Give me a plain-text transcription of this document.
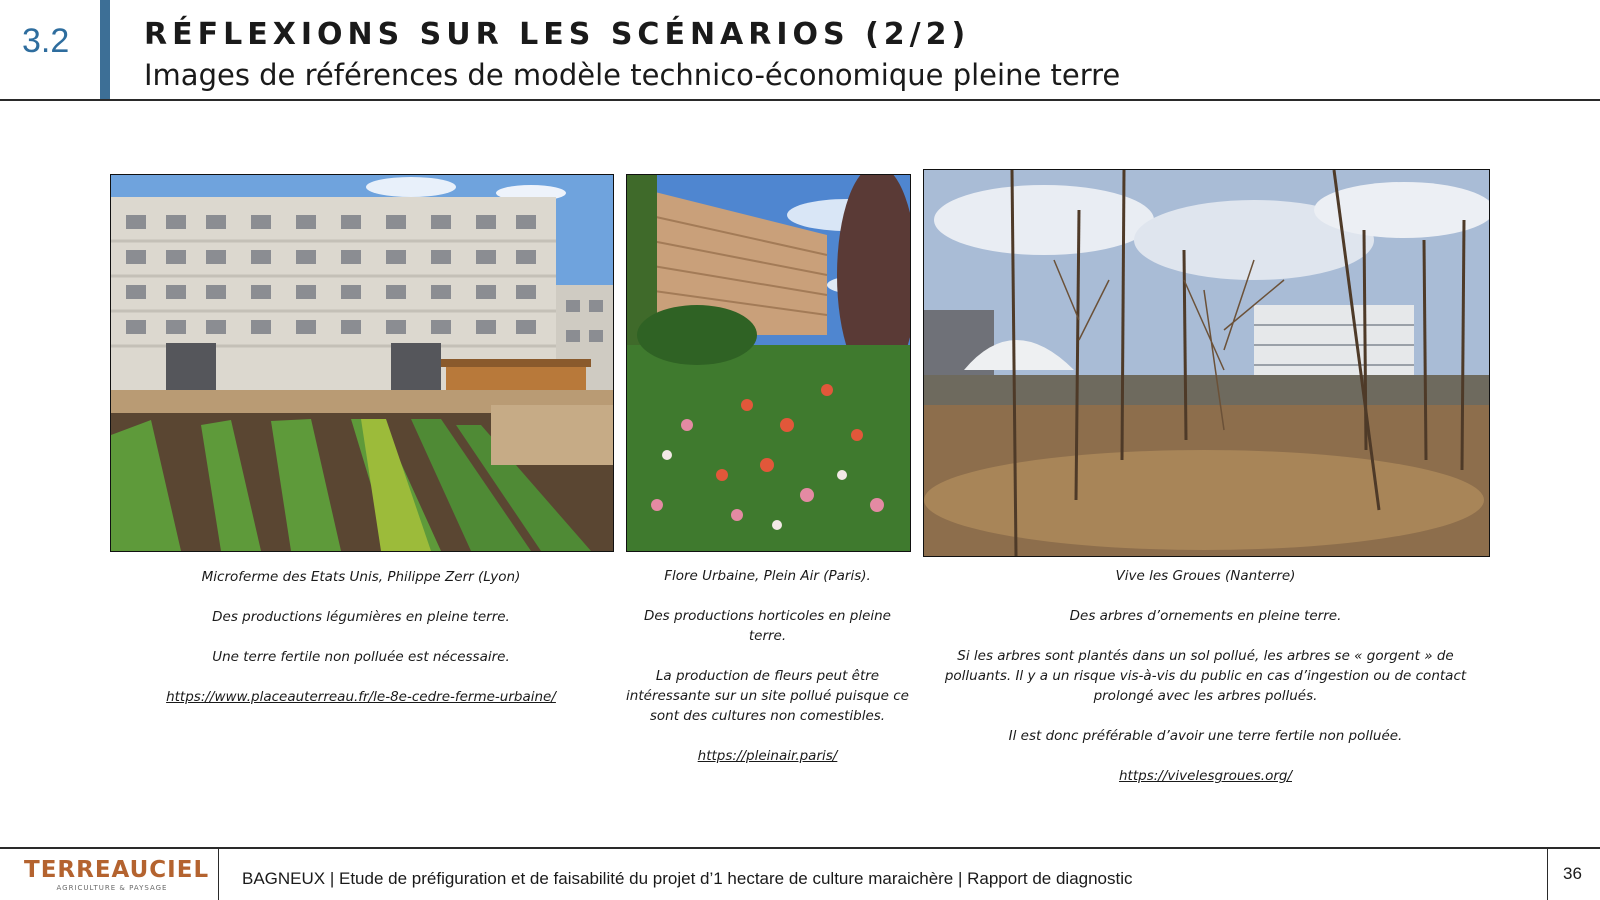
3.2 RÉFLEXIONS SUR LES SCÉNARIOS (2/2)
Images de références de modèle technico-économique pleine terre

Microferme des Etats Unis, Philippe Zerr (Lyon)

Des productions légumières en pleine terre.

Une terre fertile non polluée est nécessaire.

https://www.placeauterreau.fr/le-8e-cedre-ferme-urbaine/

Flore Urbaine, Plein Air (Paris).

Des productions horticoles en pleine terre.

La production de fleurs peut être intéressante sur un site pollué puisque ce sont des cultures non comestibles.

https://pleinair.paris/

Vive les Groues (Nanterre)

Des arbres d’ornements en pleine terre.

Si les arbres sont plantés dans un sol pollué, les arbres se « gorgent » de polluants. Il y a un risque vis-à-vis du public en cas d’ingestion ou de contact prolongé avec les arbres pollués.

Il est donc préférable d’avoir une terre fertile non polluée.

https://vivelesgroues.org/

TERREAUCIEL
AGRICULTURE & PAYSAGE	BAGNEUX | Etude de préfiguration et de faisabilité du projet d’1 hectare de culture maraichère | Rapport de diagnostic	36
